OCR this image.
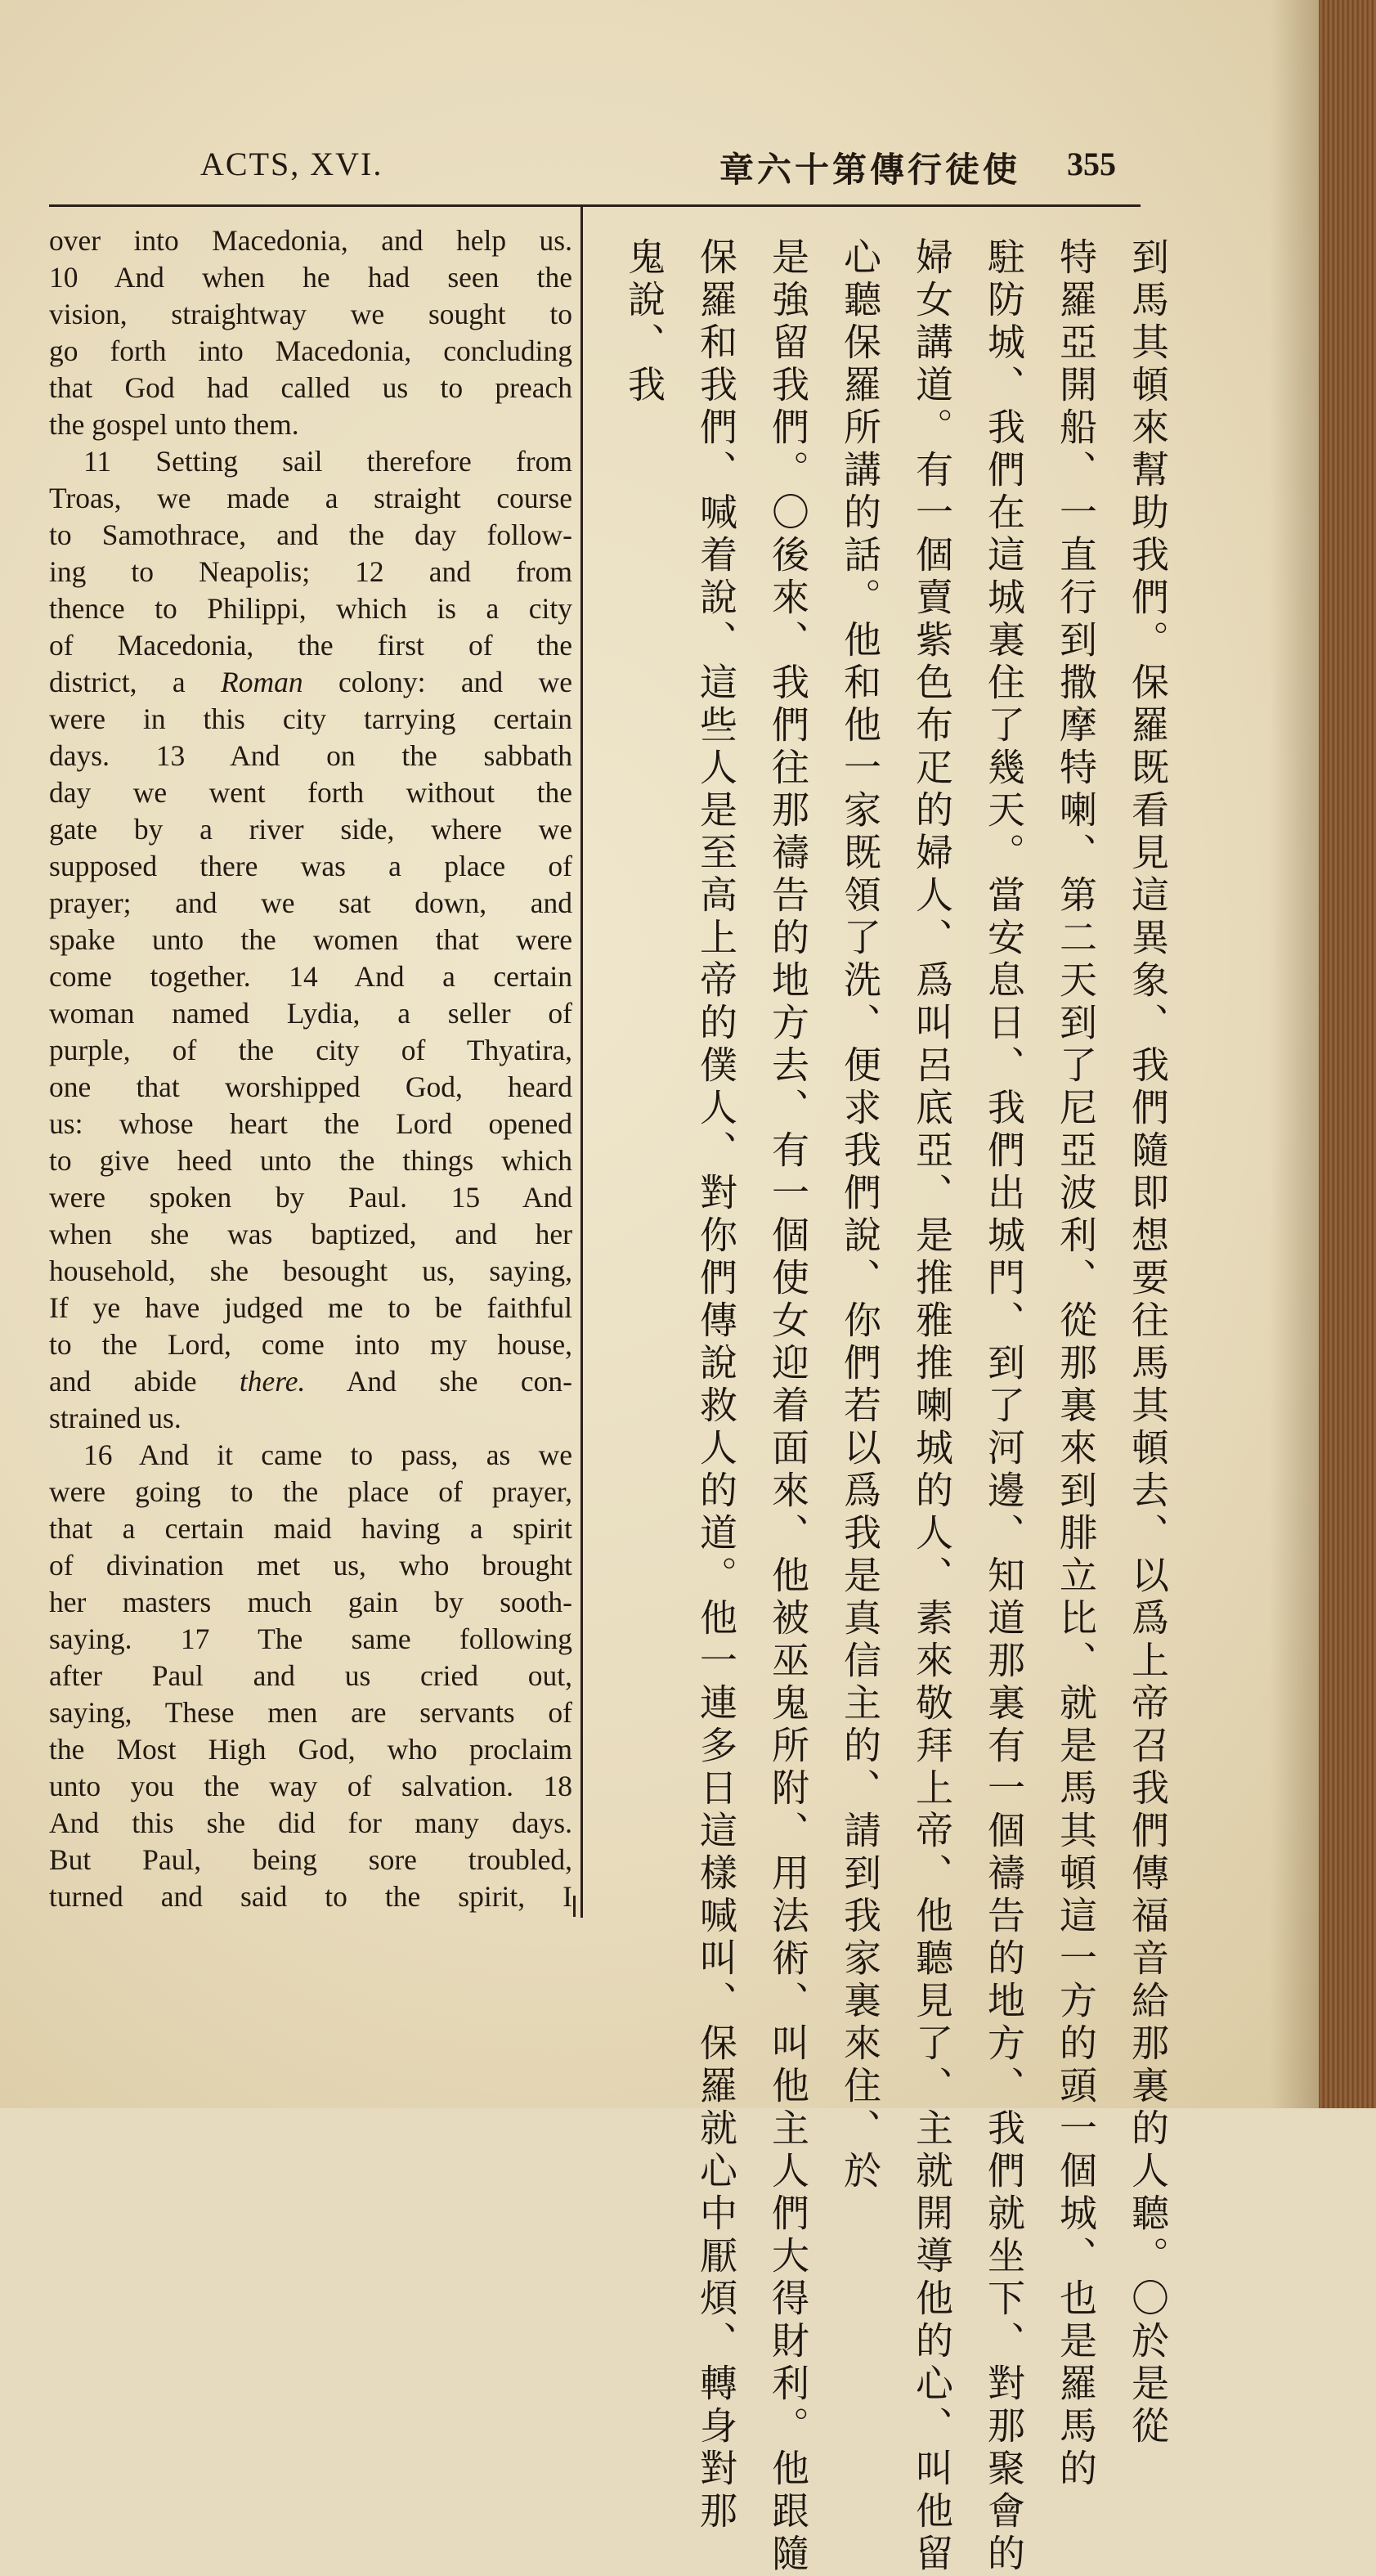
ACTS, XVI.	章六十第傳行徒使 355
over into Macedonia, and help us.
10 And when he had seen the
vision, straightway we sought to
go forth into Macedonia, concluding
that God had called us to preach
the gospel unto them.
11 Setting sail therefore from
Troas, we made a straight course
to Samothrace, and the day follow-
ing to Neapolis; 12 and from
thence to Philippi, which is a city
of Macedonia, the first of the
district, a Roman colony: and we
were in this city tarrying certain
days. 13 And on the sabbath
day we went forth without the
gate by a river side, where we
supposed there was a place of
prayer; and we sat down, and
spake unto the women that were
come together. 14 And a certain
woman named Lydia, a seller of
purple, of the city of Thyatira,
one that worshipped God, heard
us: whose heart the Lord opened
to give heed unto the things which
were spoken by Paul. 15 And
when she was baptized, and her
household, she besought us, saying,
If ye have judged me to be faithful
to the Lord, come into my house,
and abide there. And she con-
strained us.
16 And it came to pass, as we
were going to the place of prayer,
that a certain maid having a spirit
of divination met us, who brought
her masters much gain by sooth-
saying. 17 The same following
after Paul and us cried out,
saying, These men are servants of
the Most High God, who proclaim
unto you the way of salvation. 18
And this she did for many days.
But Paul, being sore troubled,
turned and said to the spirit, I	到馬其頓來幫助我們。保羅既看見這異象、我們隨即想要往馬其頓去、以爲上帝召我們傳福音給那裏的人聽。〇於是從
特羅亞開船、一直行到撒摩特喇、第二天到了尼亞波利、從那裏來到腓立比、就是馬其頓這一方的頭一個城、也是羅馬的
駐防城、我們在這城裏住了幾天。當安息日、我們出城門、到了河邊、知道那裏有一個禱告的地方、我們就坐下、對那聚會的
婦女講道。有一個賣紫色布疋的婦人、爲叫呂底亞、是推雅推喇城的人、素來敬拜上帝、他聽見了、主就開導他的心、叫他留
心聽保羅所講的話。他和他一家既領了洗、便求我們說、你們若以爲我是真信主的、請到我家裏來住、於
是強留我們。〇後來、我們往那禱告的地方去、有一個使女迎着面來、他被巫鬼所附、用法術、叫他主人們大得財利。他跟隨
保羅和我們、喊着說、這些人是至高上帝的僕人、對你們傳說救人的道。他一連多日這樣喊叫、保羅就心中厭煩、轉身對那
鬼說、我
